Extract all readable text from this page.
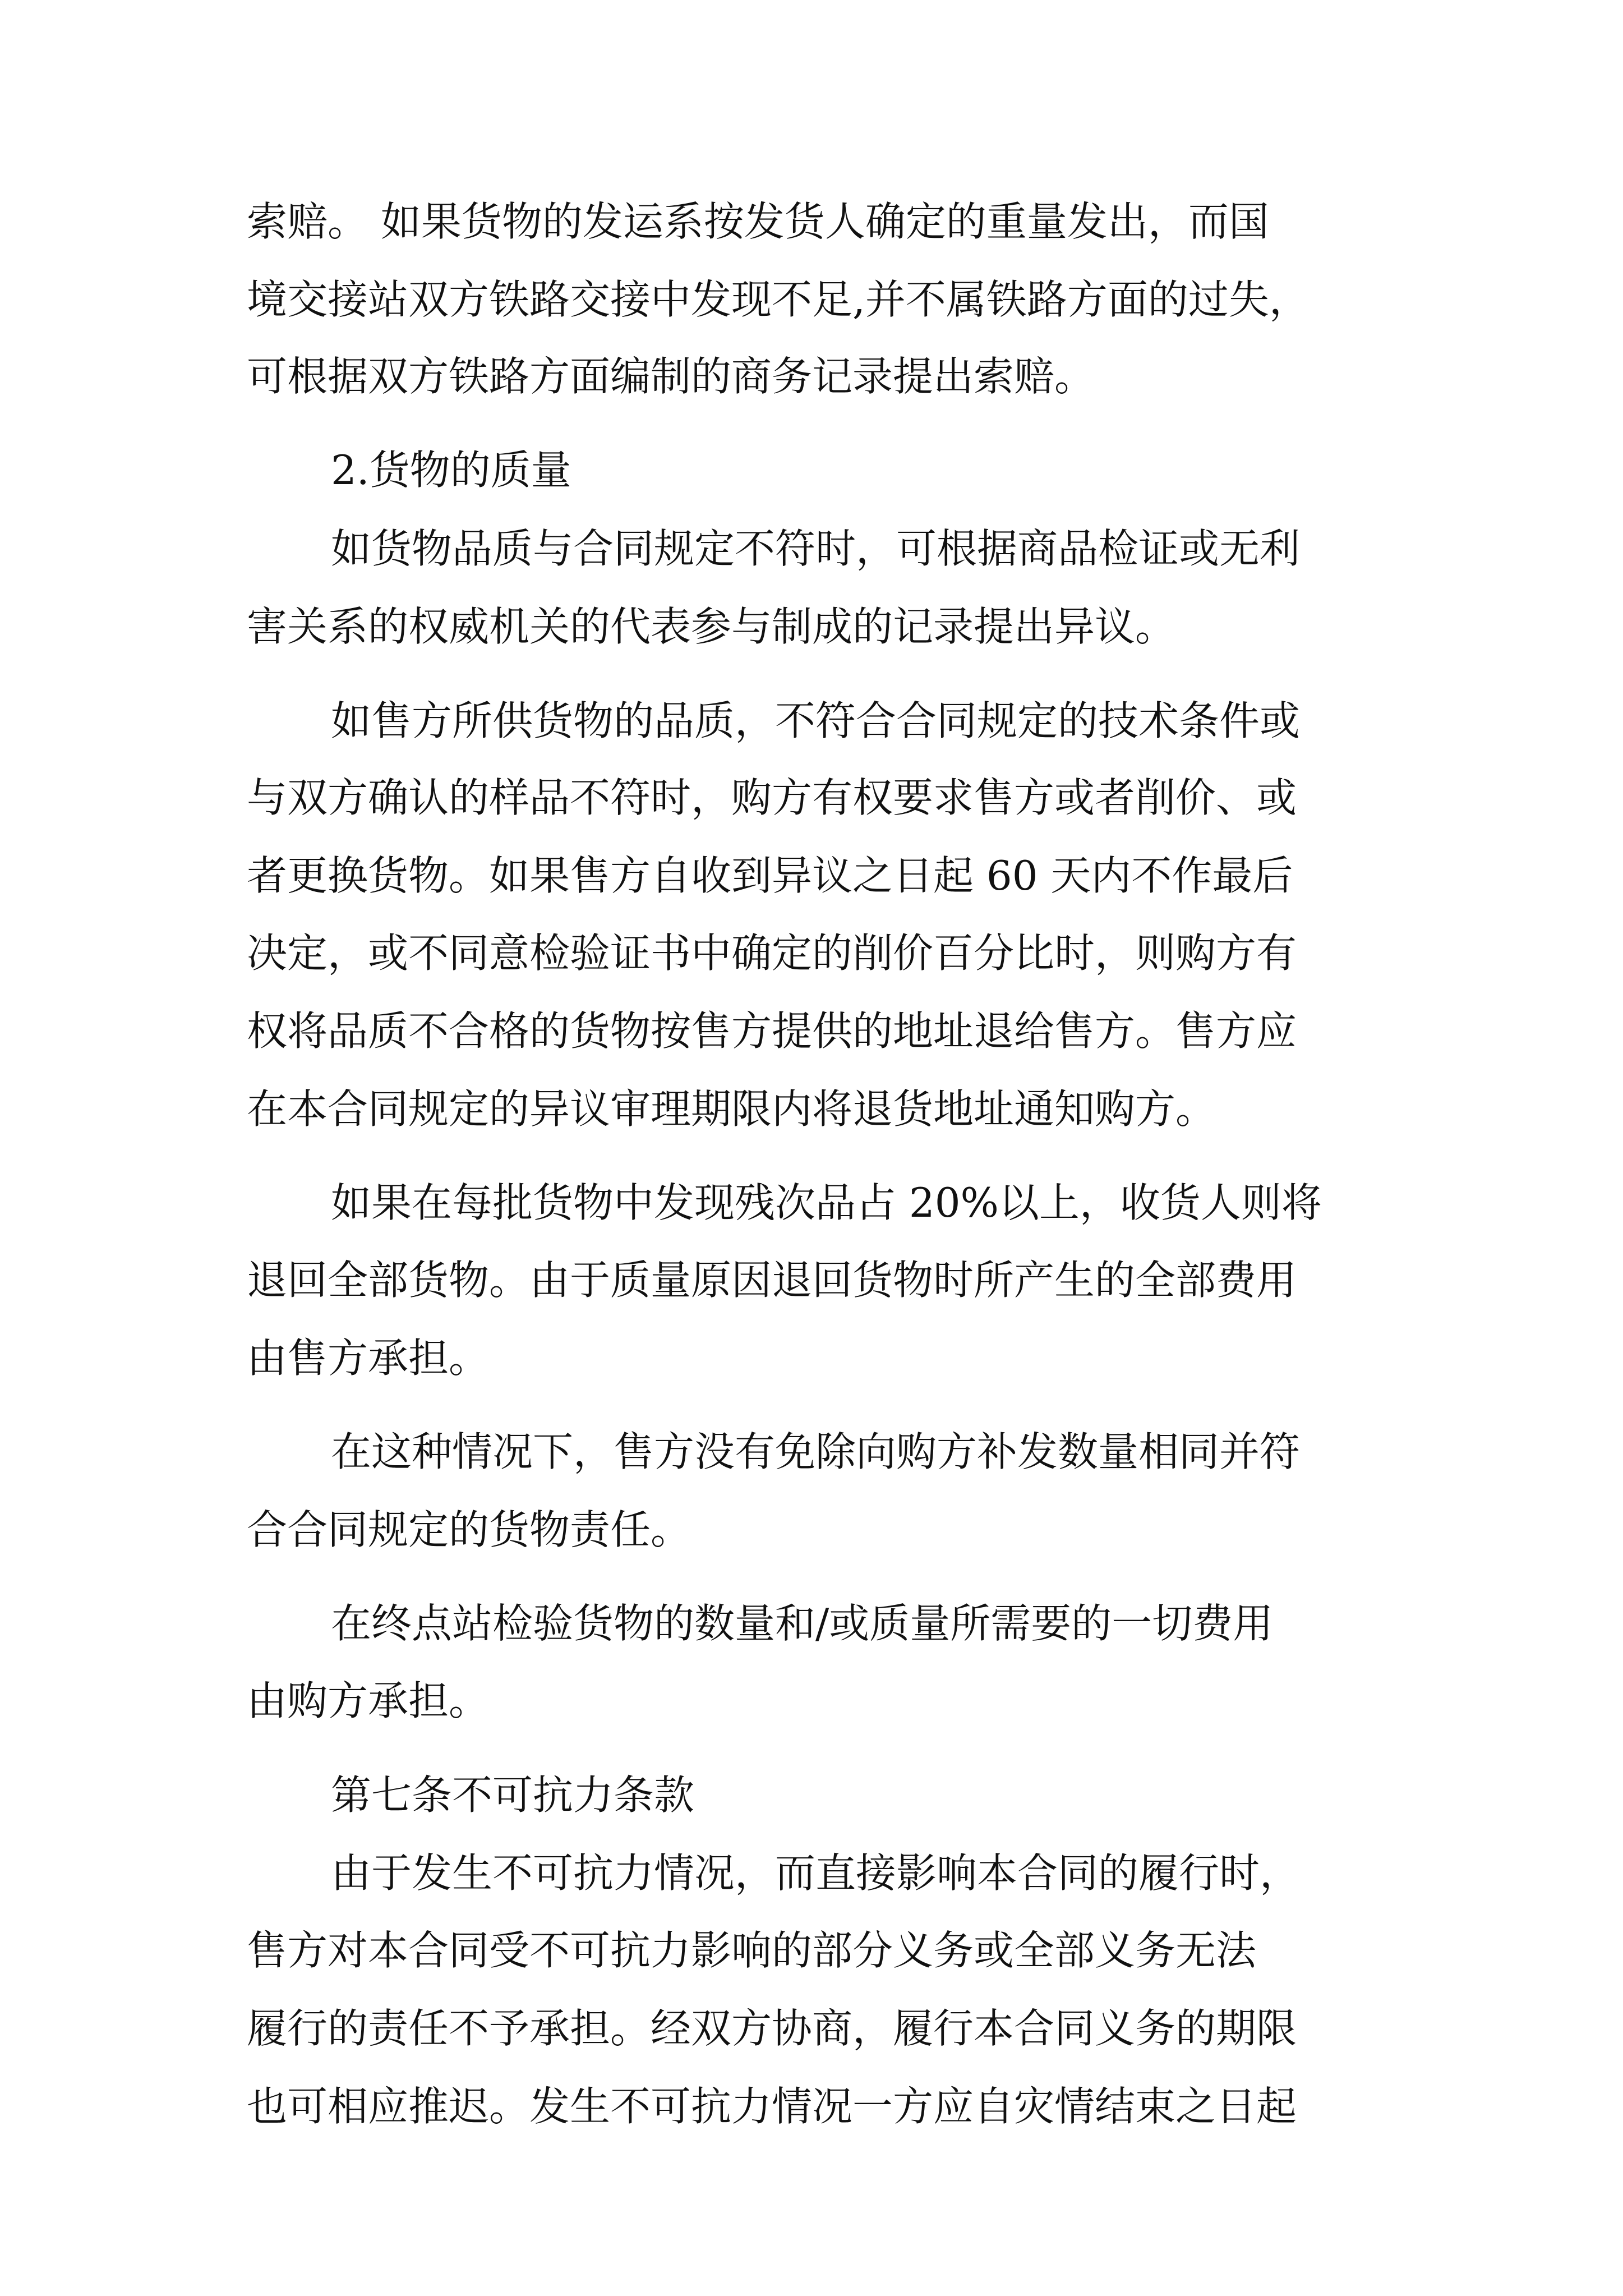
索赔。 如果货物的发运系按发货人确定的重量发出，而国
境交接站双方铁路交接中发现不足,并不属铁路方面的过失，
可根据双方铁路方面编制的商务记录提出索赔。
2.货物的质量
如货物品质与合同规定不符时，可根据商品检证或无利
害关系的权威机关的代表参与制成的记录提出异议。
如售方所供货物的品质，不符合合同规定的技术条件或
与双方确认的样品不符时，购方有权要求售方或者削价、或
者更换货物。如果售方自收到异议之日起 60 天内不作最后
决定，或不同意检验证书中确定的削价百分比时，则购方有
权将品质不合格的货物按售方提供的地址退给售方。售方应
在本合同规定的异议审理期限内将退货地址通知购方。
如果在每批货物中发现残次品占 20%以上，收货人则将
退回全部货物。由于质量原因退回货物时所产生的全部费用
由售方承担。
在这种情况下，售方没有免除向购方补发数量相同并符
合合同规定的货物责任。
在终点站检验货物的数量和/或质量所需要的一切费用
由购方承担。
第七条不可抗力条款
由于发生不可抗力情况，而直接影响本合同的履行时，
售方对本合同受不可抗力影响的部分义务或全部义务无法
履行的责任不予承担。经双方协商，履行本合同义务的期限
也可相应推迟。发生不可抗力情况一方应自灾情结束之日起
